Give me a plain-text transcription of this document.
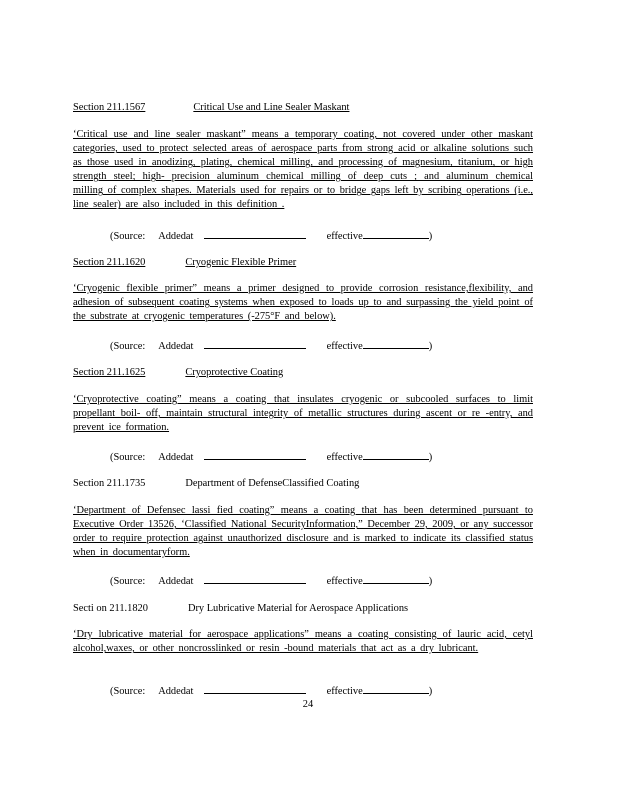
Section 211.1567	Critical Use and Line Sealer Maskant
‘Critical use and line sealer maskant” means a temporary coating, not covered under other maskant categories, used to protect selected areas of aerospace parts from strong acid or alkaline solutions such as those used in anodizing, plating, chemical milling, and processing of magnesium, titanium, or high strength steel; high- precision aluminum chemical milling of deep cuts ; and aluminum chemical milling of complex shapes. Materials used for repairs or to bridge gaps left by scribing operations (i.e., line sealer) are also included in this definition .
(Source: Addedat	effective	)
Section 211.1620	Cryogenic Flexible Primer
‘Cryogenic flexible primer” means a primer designed to provide corrosion resistance,flexibility, and adhesion of subsequent coating systems when exposed to loads up to and surpassing the yield point of the substrate at cryogenic temperatures (-275°F and below).
(Source: Addedat	effective	)
Section 211.1625	Cryoprotective Coating
‘Cryoprotective coating” means a coating that insulates cryogenic or subcooled surfaces to limit propellant boil- off, maintain structural integrity of metallic structures during ascent or re -entry, and prevent ice formation.
(Source: Addedat	effective	)
Section 211.1735	Department of DefenseClassified Coating
‘Department of Defensec lassi fied coating” means a coating that has been determined pursuant to Executive Order 13526, ‘Classified National SecurityInformation,” December 29, 2009, or any successor order to require protection against unauthorized disclosure and is marked to indicate its classified status when in documentaryform.
(Source: Addedat	effective	)
Secti on 211.1820	Dry Lubricative Material for Aerospace Applications
‘Dry lubricative material for aerospace applications” means a coating consisting of lauric acid, cetyl alcohol,waxes, or other noncrosslinked or resin -bound materials that act as a dry lubricant.
(Source: Addedat	effective	)
24
